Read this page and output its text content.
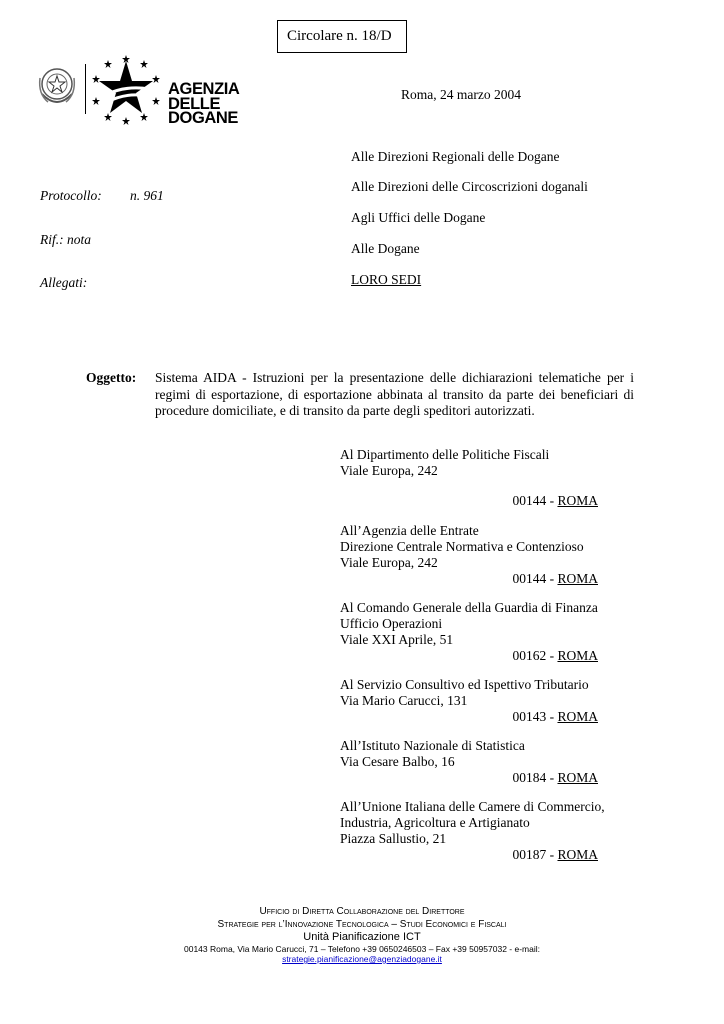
Circolare n. 18/D
AGENZIA
DELLE
DOGANE
Roma, 24 marzo 2004
Alle Direzioni Regionali delle Dogane
Alle Direzioni delle Circoscrizioni doganali
Agli Uffici delle Dogane
Alle Dogane
LORO SEDI
Protocollo: n. 961
Rif.: nota
Allegati:
Oggetto: Sistema AIDA - Istruzioni per la presentazione delle dichiarazioni telematiche per i regimi di esportazione, di esportazione abbinata al transito da parte dei beneficiari di procedure domiciliate, e di transito da parte degli speditori autorizzati.
Al Dipartimento delle Politiche Fiscali
Viale Europa, 242
00144 - ROMA
All’Agenzia delle Entrate
Direzione Centrale Normativa e Contenzioso
Viale Europa, 242
00144 - ROMA
Al Comando Generale della Guardia di Finanza
Ufficio Operazioni
Viale XXI Aprile, 51
00162 - ROMA
Al Servizio Consultivo ed Ispettivo Tributario
Via Mario Carucci, 131
00143 - ROMA
All’Istituto Nazionale di Statistica
Via Cesare Balbo, 16
00184 - ROMA
All’Unione Italiana delle Camere di Commercio,
Industria, Agricoltura e Artigianato
Piazza Sallustio, 21
00187 - ROMA
Ufficio di Diretta Collaborazione del Direttore
Strategie per l’Innovazione Tecnologica – Studi Economici e Fiscali
Unità Pianificazione ICT
00143 Roma, Via Mario Carucci, 71 – Telefono +39 0650246503 – Fax +39 50957032 - e-mail:
strategie.pianificazione@agenziadogane.it
